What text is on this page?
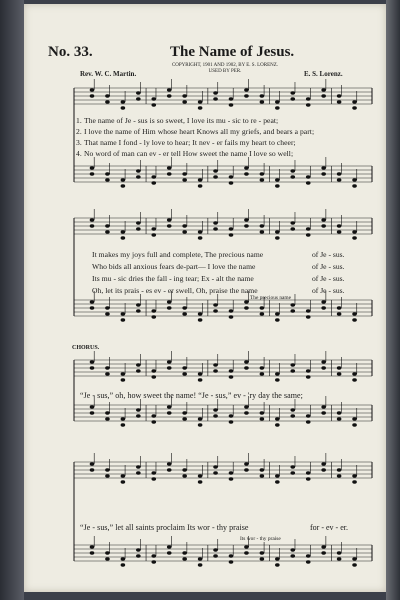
No. 33.	The Name of Jesus.
COPYRIGHT, 1901 AND 1902, BY E. S. LORENZ.
USED BY PER.
Rev. W. C. Martin.	E. S. Lorenz.
1. The name of Je - sus is so sweet, I love its mu - sic to re - peat;
2. I love the name of Him whose heart Knows all my griefs, and bears a part;
3. That name I fond - ly love to hear; It nev - er fails my heart to cheer;
4. No word of man can ev - er tell How sweet the name I love so well;
It makes my joys full and complete, The precious name
Who bids all anxious fears de-part— I love the name
Its mu - sic dries the fall - ing tear; Ex - alt the name
Oh, let its prais - es ev - er swell, Oh, praise the name
of Je - sus.
of Je - sus.
of Je - sus.
of Je - sus.
The precious name
CHORUS.
“Je - sus,” oh, how sweet the name! “Je - sus,” ev - 'ry day the same;
“Je - sus,” let all saints proclaim Its wor - thy praise	for - ev - er.
Its wor - thy praise
